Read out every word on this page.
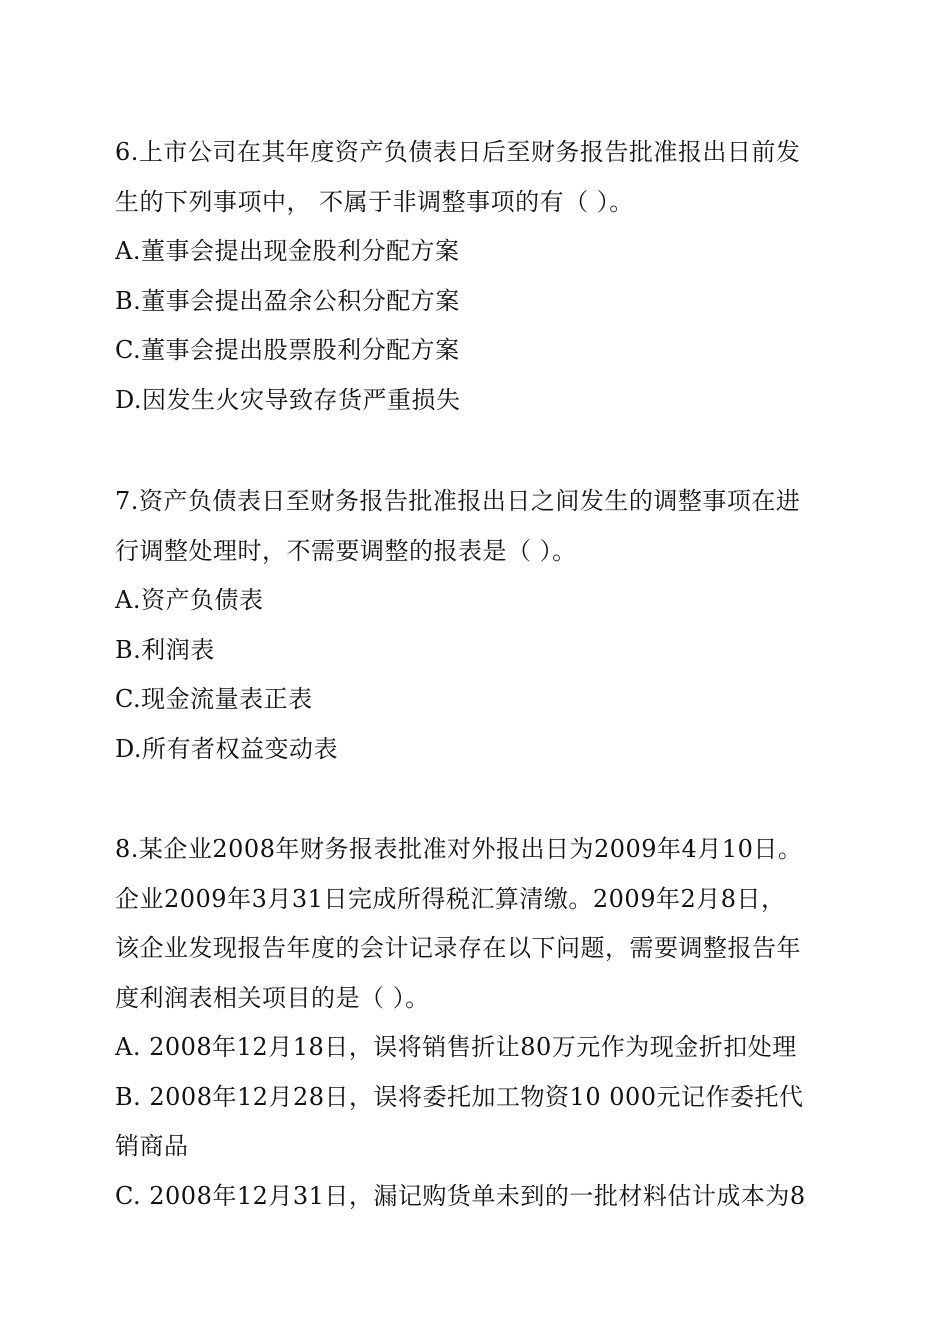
6.上市公司在其年度资产负债表日后至财务报告批准报出日前发
生的下列事项中， 不属于非调整事项的有（ ）。
A.董事会提出现金股利分配方案
B.董事会提出盈余公积分配方案
C.董事会提出股票股利分配方案
D.因发生火灾导致存货严重损失
7.资产负债表日至财务报告批准报出日之间发生的调整事项在进
行调整处理时，不需要调整的报表是（ ）。
A.资产负债表
B.利润表
C.现金流量表正表
D.所有者权益变动表
8.某企业2008年财务报表批准对外报出日为2009年4月10日。
企业2009年3月31日完成所得税汇算清缴。2009年2月8日，
该企业发现报告年度的会计记录存在以下问题，需要调整报告年
度利润表相关项目的是（ ）。
A. 2008年12月18日，误将销售折让80万元作为现金折扣处理
B. 2008年12月28日，误将委托加工物资10 000元记作委托代
销商品
C. 2008年12月31日，漏记购货单未到的一批材料估计成本为8
